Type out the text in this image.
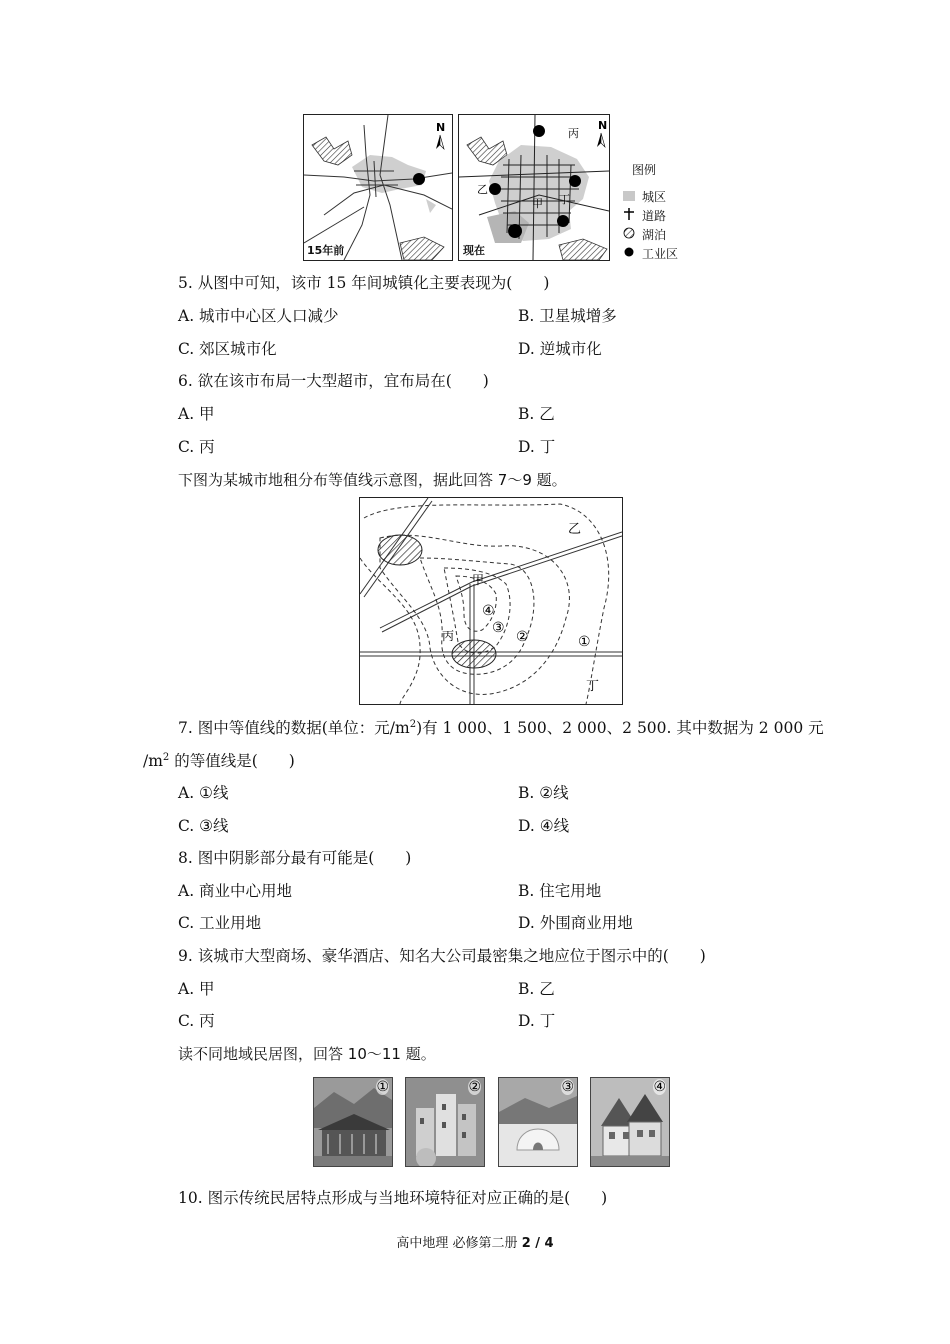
N
15年前
N
丙
乙
甲 丁
现在
图例
城区
道路
湖泊
工业区
5. 从图中可知，该市 15 年间城镇化主要表现为(　　)
A. 城市中心区人口减少	B. 卫星城增多
C. 郊区城市化	D. 逆城市化
6. 欲在该市布局一大型超市，宜布局在(　　)
A. 甲	B. 乙
C. 丙	D. 丁
下图为某城市地租分布等值线示意图，据此回答 7～9 题。
乙
甲
丙
丁
①
②
③
④
7. 图中等值线的数据(单位：元$/m^2$)有 1 000、1 500、2 000、2 500. 其中数据为 2 000 元
$/m^2$ 的等值线是(　　)
A. ①线	B. ②线
C. ③线	D. ④线
8. 图中阴影部分最有可能是(　　)
A. 商业中心用地	B. 住宅用地
C. 工业用地	D. 外围商业用地
9. 该城市大型商场、豪华酒店、知名大公司最密集之地应位于图示中的(　　)
A. 甲	B. 乙
C. 丙	D. 丁
读不同地域民居图，回答 10～11 题。
①	②	③	④
10. 图示传统民居特点形成与当地环境特征对应正确的是(　　)
高中地理 必修第二册 2 / 4
